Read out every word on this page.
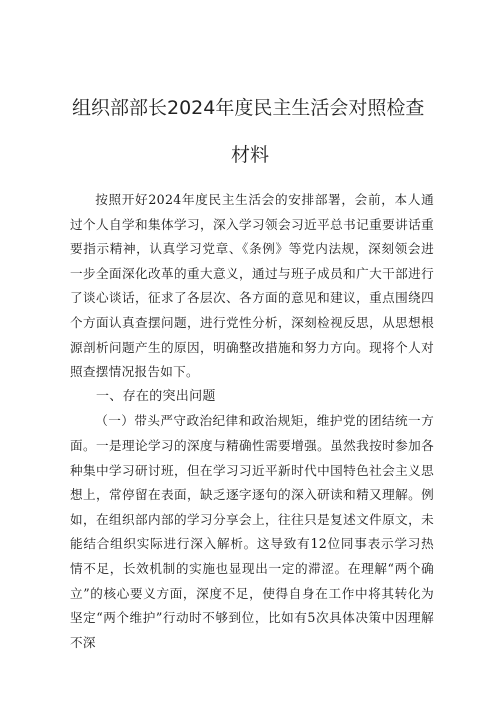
组织部部长2024年度民主生活会对照检查
材料

按照开好2024年度民主生活会的安排部署，会前，本人通过个人自学和集体学习，深入学习领会习近平总书记重要讲话重要指示精神，认真学习党章、《条例》等党内法规，深刻领会进一步全面深化改革的重大意义，通过与班子成员和广大干部进行了谈心谈话，征求了各层次、各方面的意见和建议，重点围绕四个方面认真查摆问题，进行党性分析，深刻检视反思，从思想根源剖析问题产生的原因，明确整改措施和努力方向。现将个人对照查摆情况报告如下。

一、存在的突出问题

（一）带头严守政治纪律和政治规矩，维护党的团结统一方面。一是理论学习的深度与精确性需要增强。虽然我按时参加各种集中学习研讨班，但在学习习近平新时代中国特色社会主义思想上，常停留在表面，缺乏逐字逐句的深入研读和精又理解。例如，在组织部内部的学习分享会上，往往只是复述文件原文，未能结合组织实际进行深入解析。这导致有12位同事表示学习热情不足，长效机制的实施也显现出一定的滞涩。在理解“两个确立”的核心要义方面，深度不足，使得自身在工作中将其转化为坚定“两个维护”行动时不够到位，比如有5次具体决策中因理解不深
